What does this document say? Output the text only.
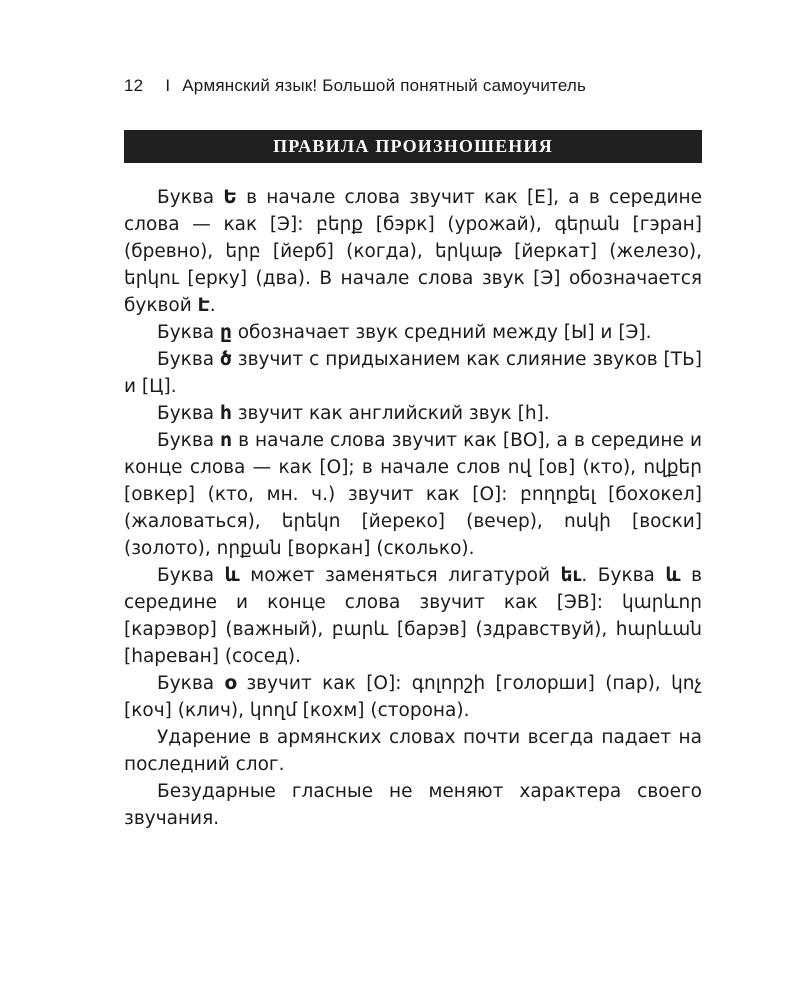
12 I Армянский язык! Большой понятный самоучитель
ПРАВИЛА ПРОИЗНОШЕНИЯ

Буква Ե в начале слова звучит как [Е], а в середине слова — как [Э]: բերք [бэрк] (урожай), գերան [гэран] (бревно), երբ [йерб] (когда), երկաթ [йеркат] (железо), երկու [ерку] (два). В начале слова звук [Э] обозначается буквой Է.

Буква ը обозначает звук средний между [Ы] и [Э].

Буква ծ звучит с придыханием как слияние звуков [ТЬ] и [Ц].

Буква հ звучит как английский звук [h].

Буква ո в начале слова звучит как [ВО], а в середине и конце слова — как [О]; в начале слов ով [ов] (кто), ովքեր [овкер] (кто, мн. ч.) звучит как [О]: բողոքել [бохокел] (жаловаться), երեկո [йереко] (вечер), ոսկի [воски] (золото), որքան [воркан] (сколько).

Буква և может заменяться лигатурой եւ. Буква և в середине и конце слова звучит как [ЭВ]: կարևոր [карэвор] (важный), բարև [барэв] (здравствуй), հարևան [hареван] (сосед).

Буква օ звучит как [О]: գոլորշի [голорши] (пар), կոչ [коч] (клич), կողմ [кохм] (сторона).

Ударение в армянских словах почти всегда падает на последний слог.

Безударные гласные не меняют характера своего звучания.
